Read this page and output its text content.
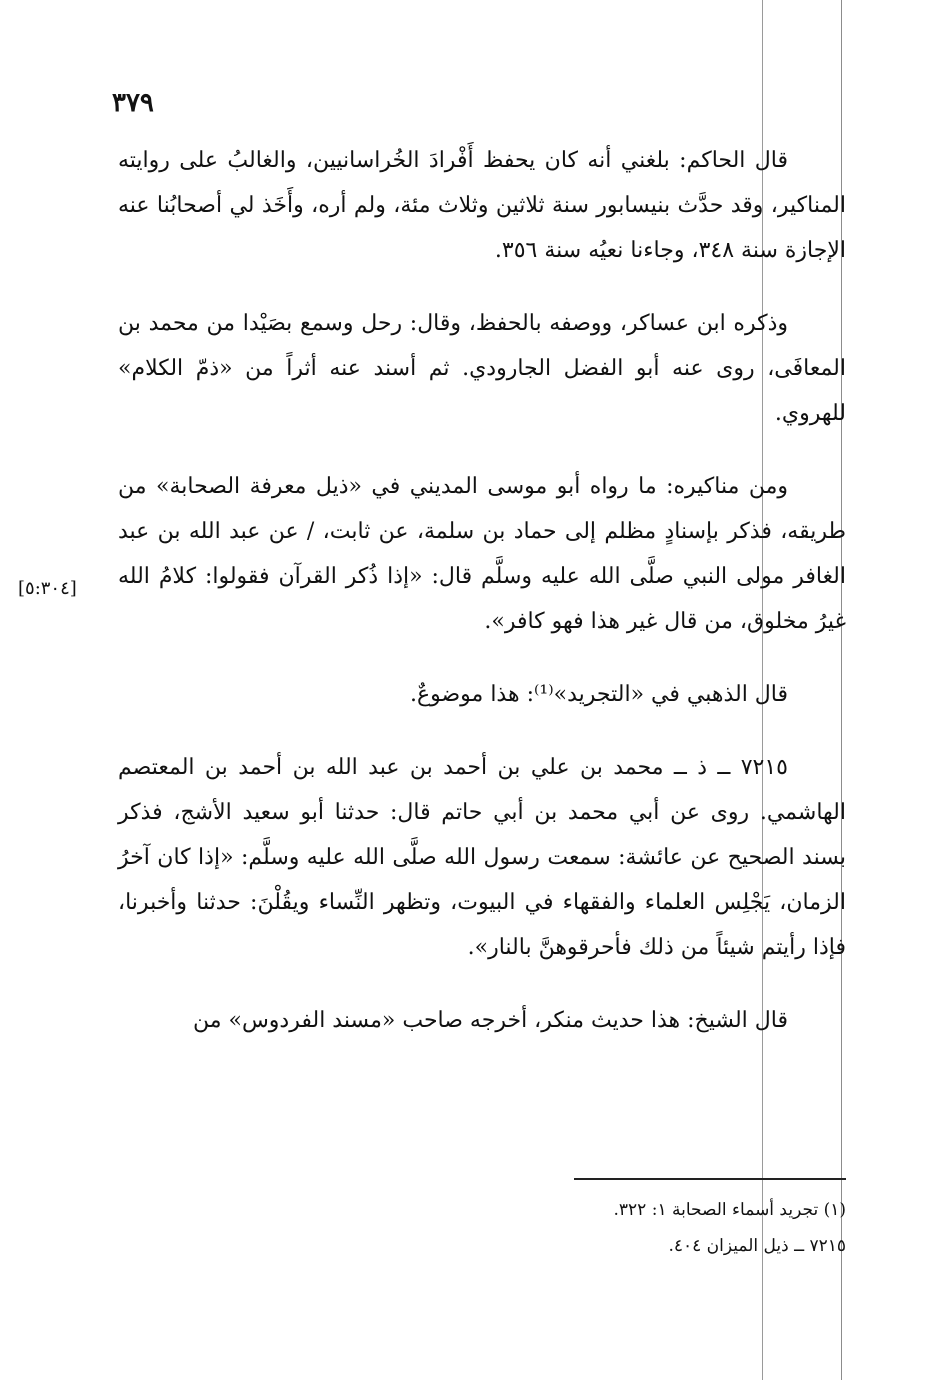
٣٧٩
[٥:٣٠٤]

قال الحاكم: بلغني أنه كان يحفظ أَفْرادَ الخُراسانيين، والغالبُ على روايته المناكير، وقد حدَّث بنيسابور سنة ثلاثين وثلاث مئة، ولم أره، وأَخَذ لي أصحابُنا عنه الإجازة سنة ٣٤٨، وجاءنا نعيُه سنة ٣٥٦.

وذكره ابن عساكر، ووصفه بالحفظ، وقال: رحل وسمع بصَيْدا من محمد بن المعافَى، روى عنه أبو الفضل الجارودي. ثم أسند عنه أثراً من «ذمّ الكلام» للهروي.

ومن مناكيره: ما رواه أبو موسى المديني في «ذيل معرفة الصحابة» من طريقه، فذكر بإسنادٍ مظلم إلى حماد بن سلمة، عن ثابت، / عن عبد الله بن عبد الغافر مولى النبي صلَّى الله عليه وسلَّم قال: «إذا ذُكر القرآن فقولوا: كلامُ الله غيرُ مخلوق، من قال غير هذا فهو كافر».

قال الذهبي في «التجريد»⁽¹⁾: هذا موضوعٌ.

٧٢١٥ ــ ذ ــ محمد بن علي بن أحمد بن عبد الله بن أحمد بن المعتصم الهاشمي. روى عن أبي محمد بن أبي حاتم قال: حدثنا أبو سعيد الأشج، فذكر بسند الصحيح عن عائشة: سمعت رسول الله صلَّى الله عليه وسلَّم: «إذا كان آخرُ الزمان، يَجْلِس العلماء والفقهاء في البيوت، وتظهر النِّساء ويقُلْنَ: حدثنا وأخبرنا، فإذا رأيتم شيئاً من ذلك فأحرقوهنَّ بالنار».

قال الشيخ: هذا حديث منكر، أخرجه صاحب «مسند الفردوس» من

(١) تجريد أسماء الصحابة ١: ٣٢٢.
٧٢١٥ ــ ذيل الميزان ٤٠٤.
